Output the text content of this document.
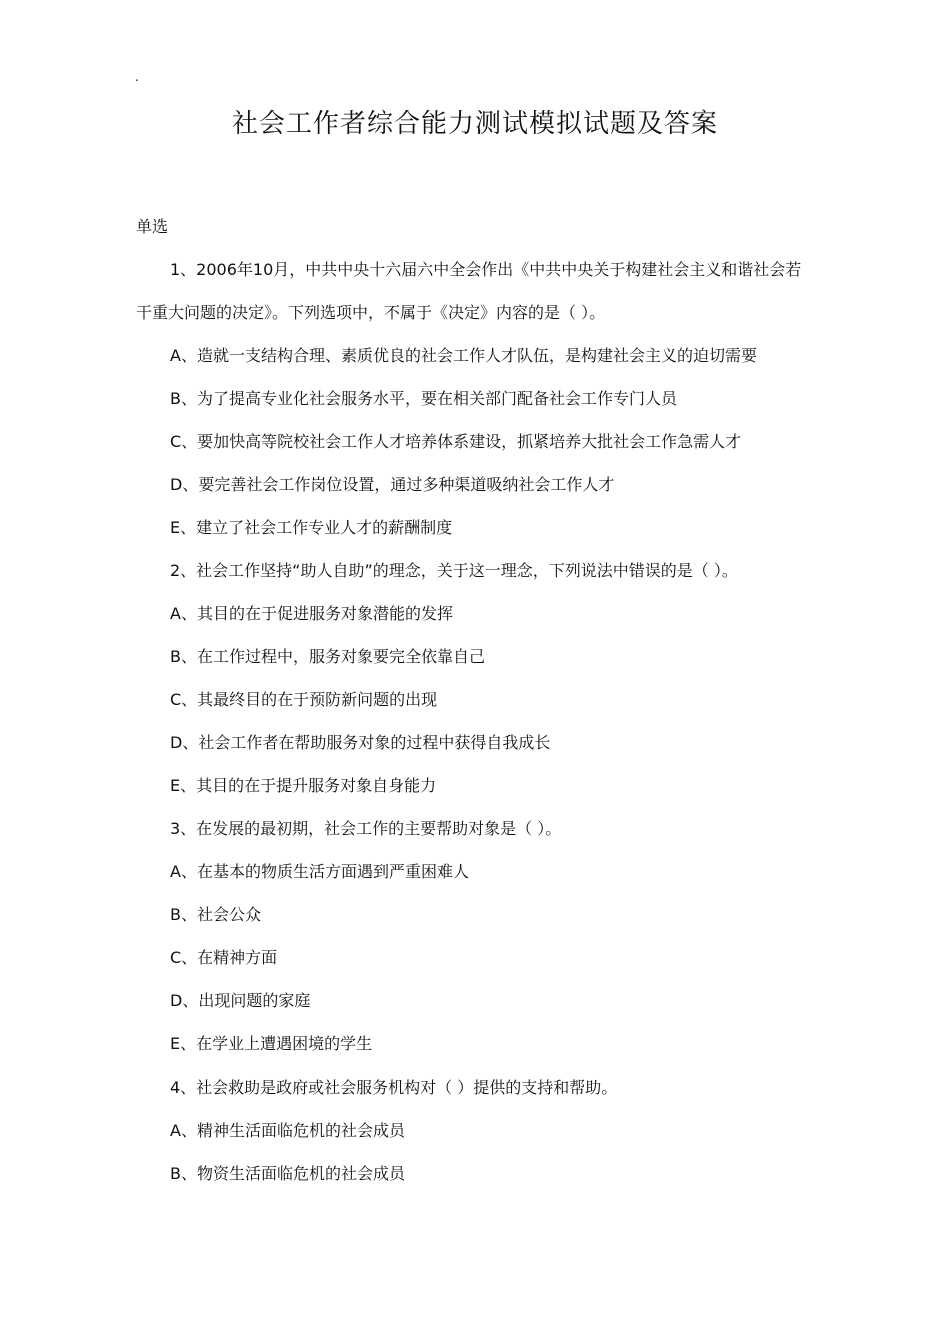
.
社会工作者综合能力测试模拟试题及答案
单选
1、2006年10月，中共中央十六届六中全会作出《中共中央关于构建社会主义和谐社会若
干重大问题的决定》。下列选项中，不属于《决定》内容的是（ ）。
A、造就一支结构合理、素质优良的社会工作人才队伍，是构建社会主义的迫切需要
B、为了提高专业化社会服务水平，要在相关部门配备社会工作专门人员
C、要加快高等院校社会工作人才培养体系建设，抓紧培养大批社会工作急需人才
D、要完善社会工作岗位设置，通过多种渠道吸纳社会工作人才
E、建立了社会工作专业人才的薪酬制度
2、社会工作坚持“助人自助”的理念，关于这一理念，下列说法中错误的是（ ）。
A、其目的在于促进服务对象潜能的发挥
B、在工作过程中，服务对象要完全依靠自己
C、其最终目的在于预防新问题的出现
D、社会工作者在帮助服务对象的过程中获得自我成长
E、其目的在于提升服务对象自身能力
3、在发展的最初期，社会工作的主要帮助对象是（ ）。
A、在基本的物质生活方面遇到严重困难人
B、社会公众
C、在精神方面
D、出现问题的家庭
E、在学业上遭遇困境的学生
4、社会救助是政府或社会服务机构对（ ）提供的支持和帮助。
A、精神生活面临危机的社会成员
B、物资生活面临危机的社会成员
